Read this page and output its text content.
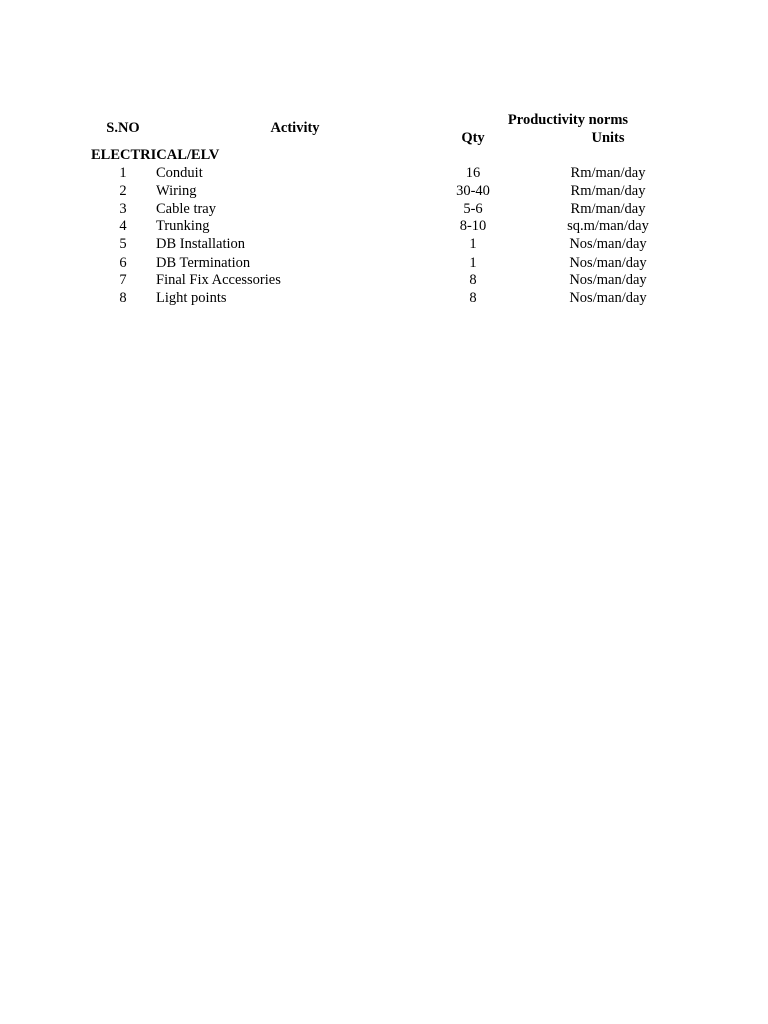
S.NO	Activity	Productivity norms
Qty	Units
ELECTRICAL/ELV
1 Conduit	16	Rm/man/day
2 Wiring	30-40	Rm/man/day
3 Cable tray	5-6	Rm/man/day
4 Trunking	8-10	sq.m/man/day
5 DB Installation	1	Nos/man/day
6 DB Termination	1	Nos/man/day
7 Final Fix Accessories	8	Nos/man/day
8 Light points	8	Nos/man/day
